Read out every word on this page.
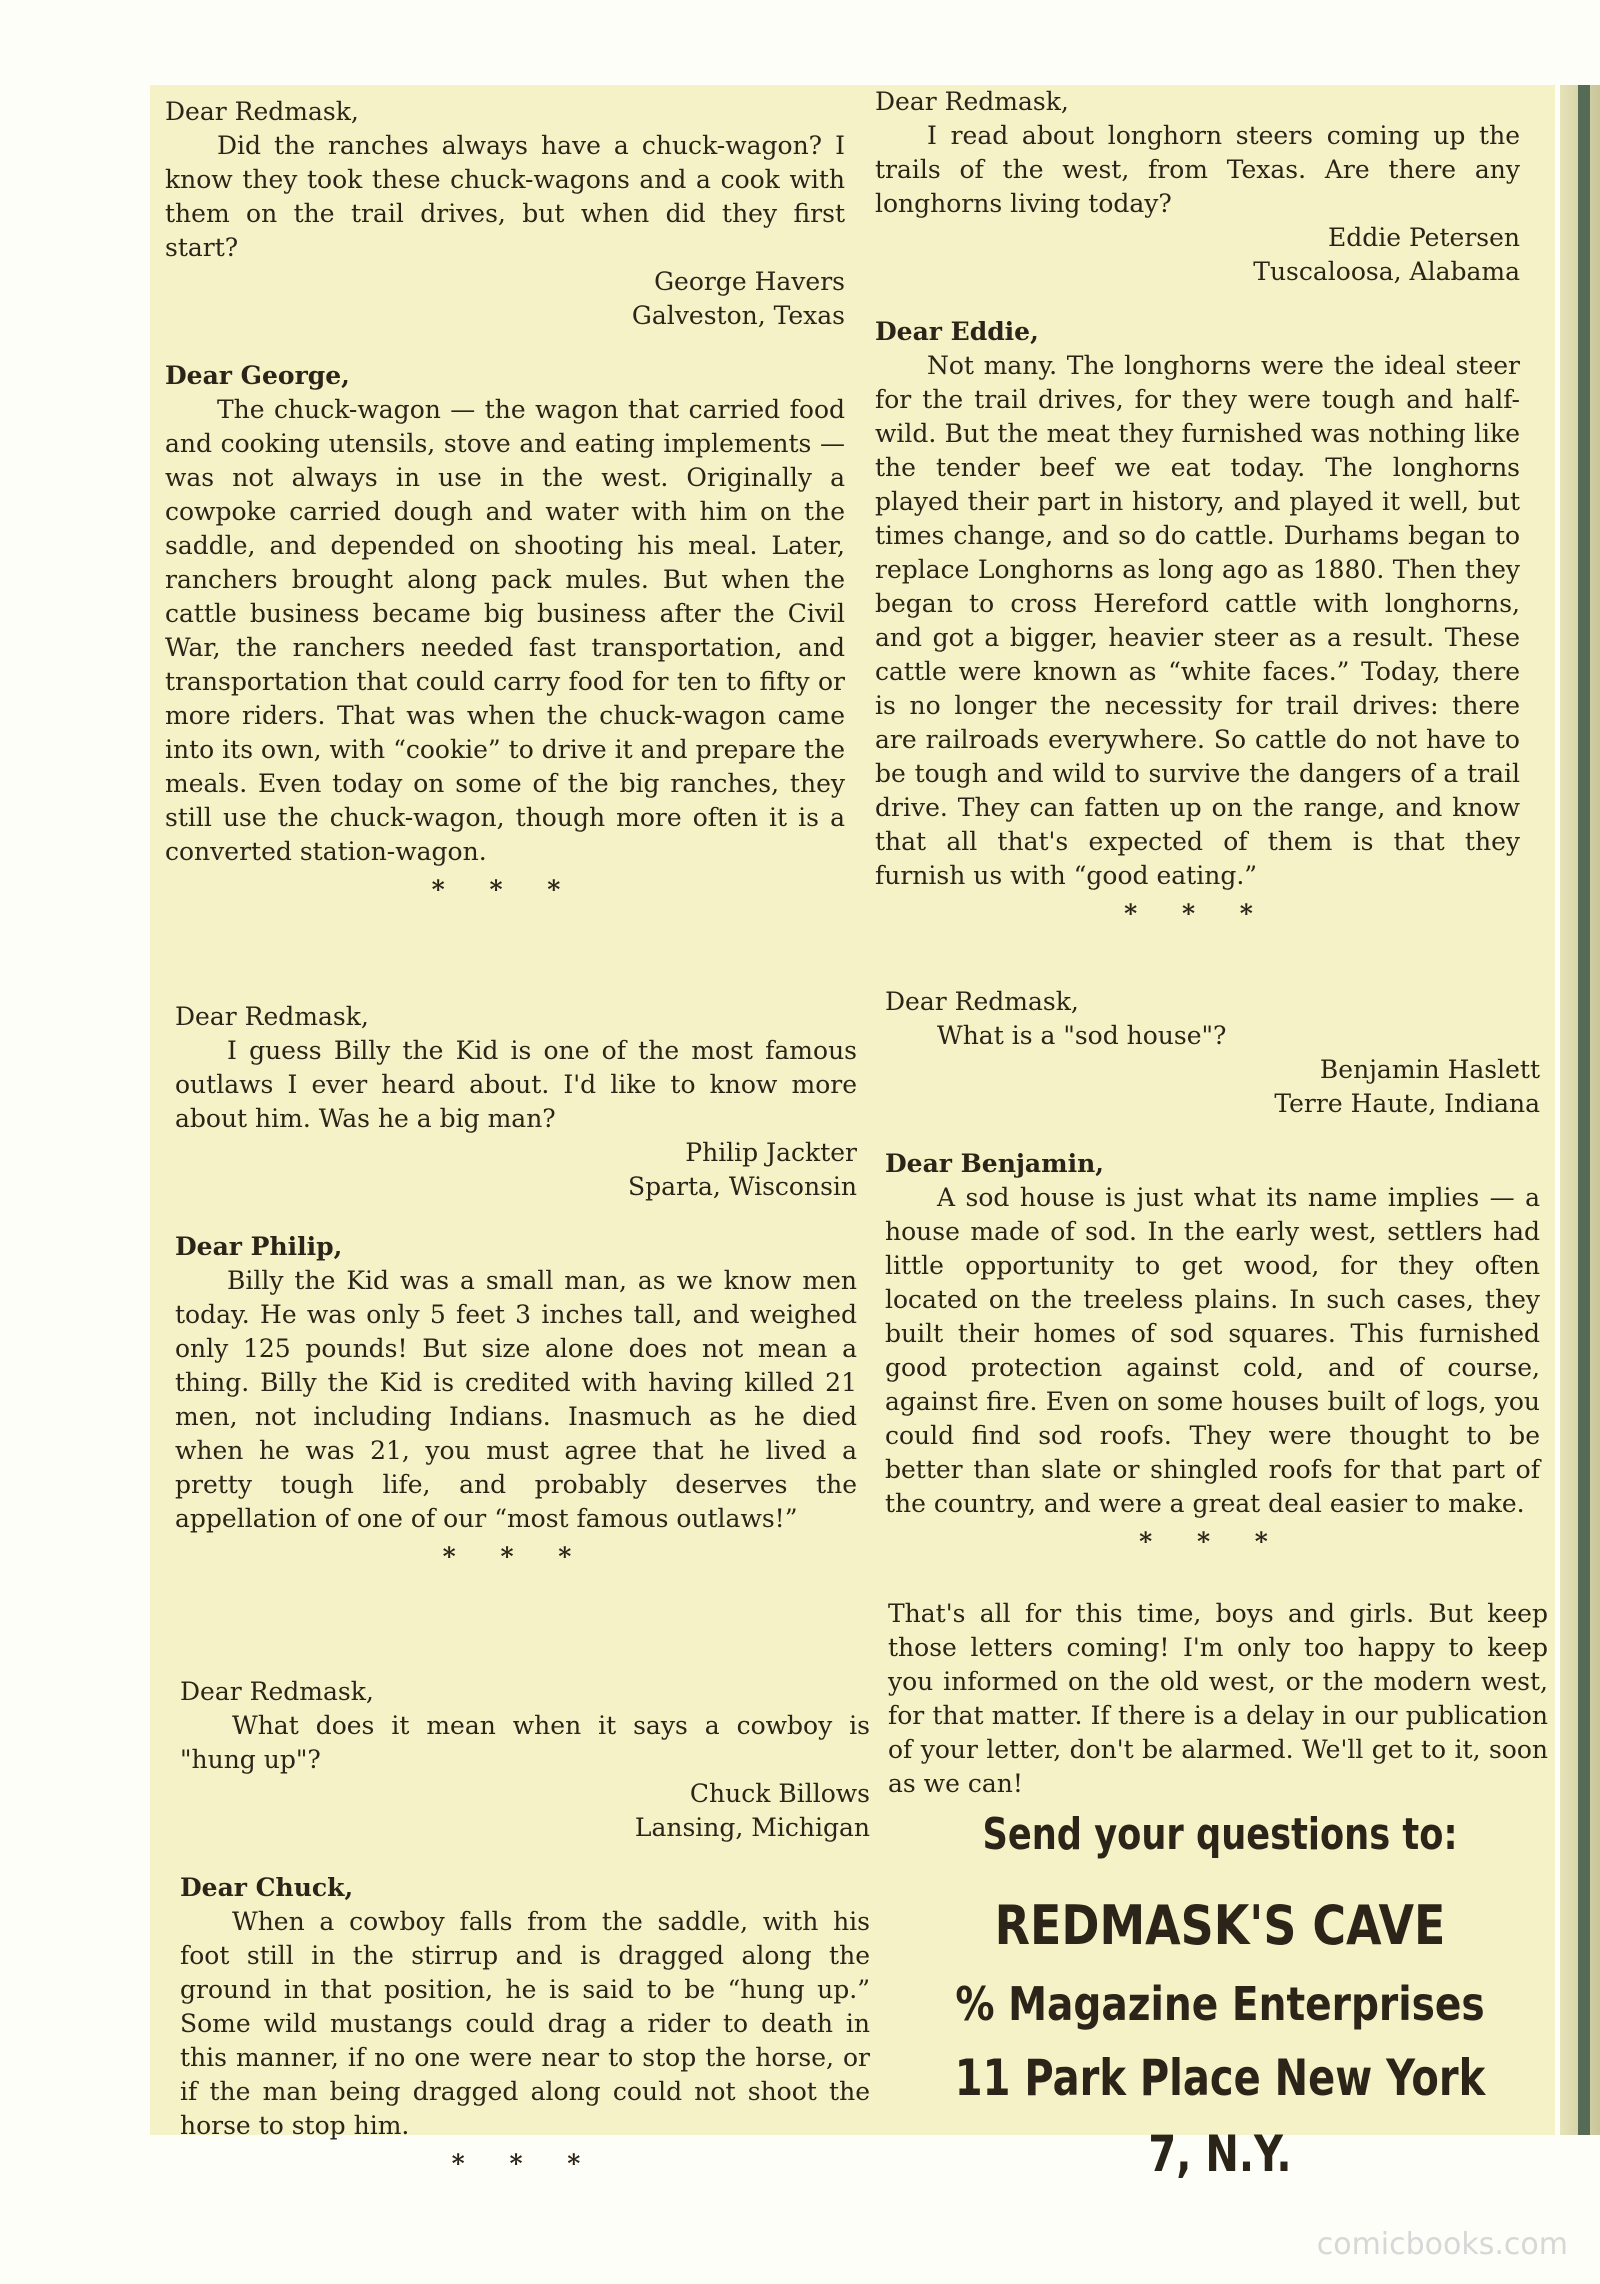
Dear Redmask,

Did the ranches always have a chuck-wagon? I know they took these chuck-wagons and a cook with them on the trail drives, but when did they first start?

George Havers

Galveston, Texas

Dear George,

The chuck-wagon — the wagon that carried food and cooking utensils, stove and eating implements — was not always in use in the west. Originally a cowpoke carried dough and water with him on the saddle, and depended on shooting his meal. Later, ranchers brought along pack mules. But when the cattle business became big business after the Civil War, the ranchers needed fast transportation, and transportation that could carry food for ten to fifty or more riders. That was when the chuck-wagon came into its own, with “cookie” to drive it and prepare the meals. Even today on some of the big ranches, they still use the chuck-wagon, though more often it is a converted station-wagon.

* * *

Dear Redmask,

I guess Billy the Kid is one of the most famous outlaws I ever heard about. I'd like to know more about him. Was he a big man?

Philip Jackter

Sparta, Wisconsin

Dear Philip,

Billy the Kid was a small man, as we know men today. He was only 5 feet 3 inches tall, and weighed only 125 pounds! But size alone does not mean a thing. Billy the Kid is credited with having killed 21 men, not including Indians. Inasmuch as he died when he was 21, you must agree that he lived a pretty tough life, and probably deserves the appellation of one of our “most famous outlaws!”

* * *

Dear Redmask,

What does it mean when it says a cowboy is "hung up"?

Chuck Billows

Lansing, Michigan

Dear Chuck,

When a cowboy falls from the saddle, with his foot still in the stirrup and is dragged along the ground in that position, he is said to be “hung up.” Some wild mustangs could drag a rider to death in this manner, if no one were near to stop the horse, or if the man being dragged along could not shoot the horse to stop him.

* * *

Dear Redmask,

I read about longhorn steers coming up the trails of the west, from Texas. Are there any longhorns living today?

Eddie Petersen

Tuscaloosa, Alabama

Dear Eddie,

Not many. The longhorns were the ideal steer for the trail drives, for they were tough and half-wild. But the meat they furnished was nothing like the tender beef we eat today. The longhorns played their part in history, and played it well, but times change, and so do cattle. Durhams began to replace Longhorns as long ago as 1880. Then they began to cross Hereford cattle with longhorns, and got a bigger, heavier steer as a result. These cattle were known as “white faces.” Today, there is no longer the necessity for trail drives: there are railroads everywhere. So cattle do not have to be tough and wild to survive the dangers of a trail drive. They can fatten up on the range, and know that all that's expected of them is that they furnish us with “good eating.”

* * *

Dear Redmask,

What is a "sod house"?

Benjamin Haslett

Terre Haute, Indiana

Dear Benjamin,

A sod house is just what its name implies — a house made of sod. In the early west, settlers had little opportunity to get wood, for they often located on the treeless plains. In such cases, they built their homes of sod squares. This furnished good protection against cold, and of course, against fire. Even on some houses built of logs, you could find sod roofs. They were thought to be better than slate or shingled roofs for that part of the country, and were a great deal easier to make.

* * *

That's all for this time, boys and girls. But keep those letters coming! I'm only too happy to keep you informed on the old west, or the modern west, for that matter. If there is a delay in our publication of your letter, don't be alarmed. We'll get to it, soon as we can!

Send your questions to:
REDMASK'S CAVE
% Magazine Enterprises
11 Park Place New York 7, N.Y.
comicbooks.com
